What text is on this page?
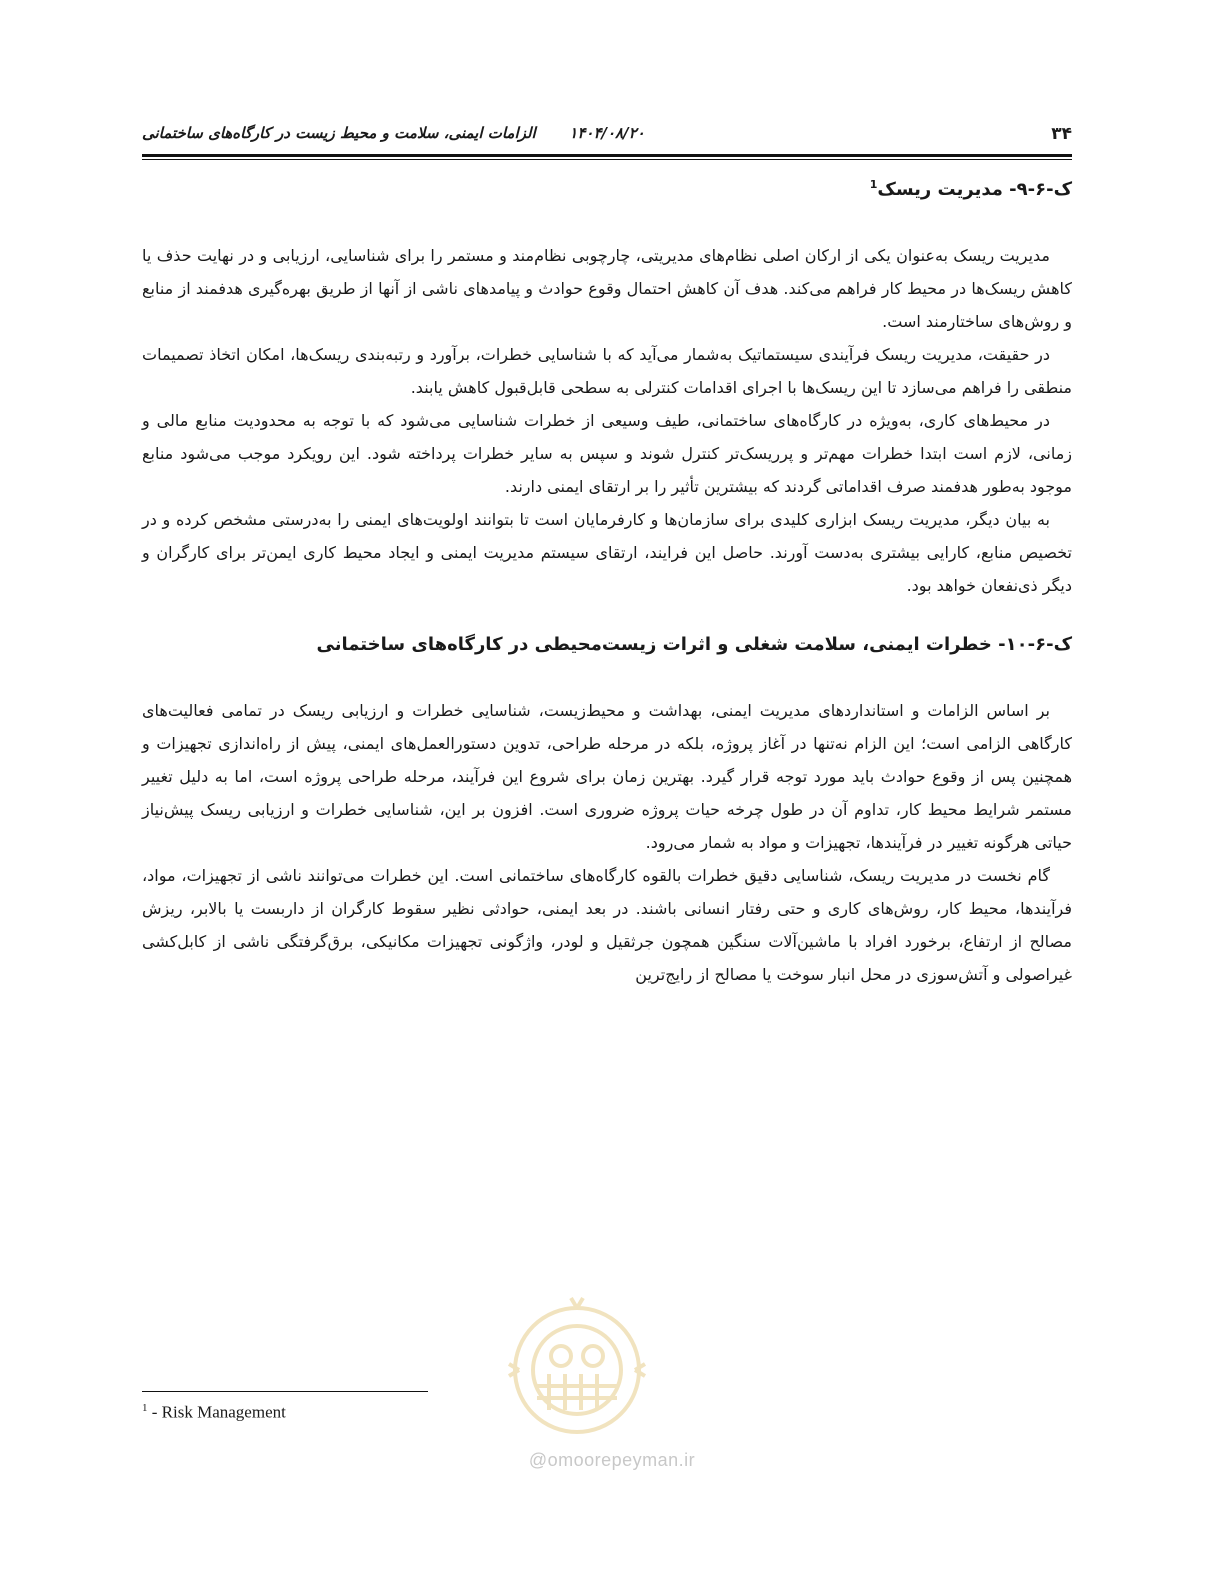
۳۴
۱۴۰۴/۰۸/۲۰
الزامات ایمنی، سلامت و محیط زیست در کارگاه‌های ساختمانی
ک-۶-۹- مدیریت ریسک$^1$

مدیریت ریسک به‌عنوان یکی از ارکان اصلی نظام‌های مدیریتی، چارچوبی نظام‌مند و مستمر را برای شناسایی، ارزیابی و در نهایت حذف یا کاهش ریسک‌ها در محیط کار فراهم می‌کند. هدف آن کاهش احتمال وقوع حوادث و پیامدهای ناشی از آنها از طریق بهره‌گیری هدفمند از منابع و روش‌های ساختارمند است.

در حقیقت، مدیریت ریسک فرآیندی سیستماتیک به‌شمار می‌آید که با شناسایی خطرات، برآورد و رتبه‌بندی ریسک‌ها، امکان اتخاذ تصمیمات منطقی را فراهم می‌سازد تا این ریسک‌ها با اجرای اقدامات کنترلی به سطحی قابل‌قبول کاهش یابند.

در محیط‌های کاری، به‌ویژه در کارگاه‌های ساختمانی، طیف وسیعی از خطرات شناسایی می‌شود که با توجه به محدودیت منابع مالی و زمانی، لازم است ابتدا خطرات مهم‌تر و پرریسک‌تر کنترل شوند و سپس به سایر خطرات پرداخته شود. این رویکرد موجب می‌شود منابع موجود به‌طور هدفمند صرف اقداماتی گردند که بیشترین تأثیر را بر ارتقای ایمنی دارند.

به بیان دیگر، مدیریت ریسک ابزاری کلیدی برای سازمان‌ها و کارفرمایان است تا بتوانند اولویت‌های ایمنی را به‌درستی مشخص کرده و در تخصیص منابع، کارایی بیشتری به‌دست آورند. حاصل این فرایند، ارتقای سیستم مدیریت ایمنی و ایجاد محیط کاری ایمن‌تر برای کارگران و دیگر ذی‌نفعان خواهد بود.

ک-۶-۱۰- خطرات ایمنی، سلامت شغلی و اثرات زیست‌محیطی در کارگاه‌های ساختمانی

بر اساس الزامات و استانداردهای مدیریت ایمنی، بهداشت و محیط‌زیست، شناسایی خطرات و ارزیابی ریسک در تمامی فعالیت‌های کارگاهی الزامی است؛ این الزام نه‌تنها در آغاز پروژه، بلکه در مرحله طراحی، تدوین دستورالعمل‌های ایمنی، پیش از راه‌اندازی تجهیزات و همچنین پس از وقوع حوادث باید مورد توجه قرار گیرد. بهترین زمان برای شروع این فرآیند، مرحله طراحی پروژه است، اما به دلیل تغییر مستمر شرایط محیط کار، تداوم آن در طول چرخه حیات پروژه ضروری است. افزون بر این، شناسایی خطرات و ارزیابی ریسک پیش‌نیاز حیاتی هرگونه تغییر در فرآیندها، تجهیزات و مواد به شمار می‌رود.

گام نخست در مدیریت ریسک، شناسایی دقیق خطرات بالقوه کارگاه‌های ساختمانی است. این خطرات می‌توانند ناشی از تجهیزات، مواد، فرآیندها، محیط کار، روش‌های کاری و حتی رفتار انسانی باشند. در بعد ایمنی، حوادثی نظیر سقوط کارگران از داربست یا بالابر، ریزش مصالح از ارتفاع، برخورد افراد با ماشین‌آلات سنگین همچون جرثقیل و لودر، واژگونی تجهیزات مکانیکی، برق‌گرفتگی ناشی از کابل‌کشی غیراصولی و آتش‌سوزی در محل انبار سوخت یا مصالح از رایج‌ترین

$^1$ - Risk Management
@omoorepeyman.ir
